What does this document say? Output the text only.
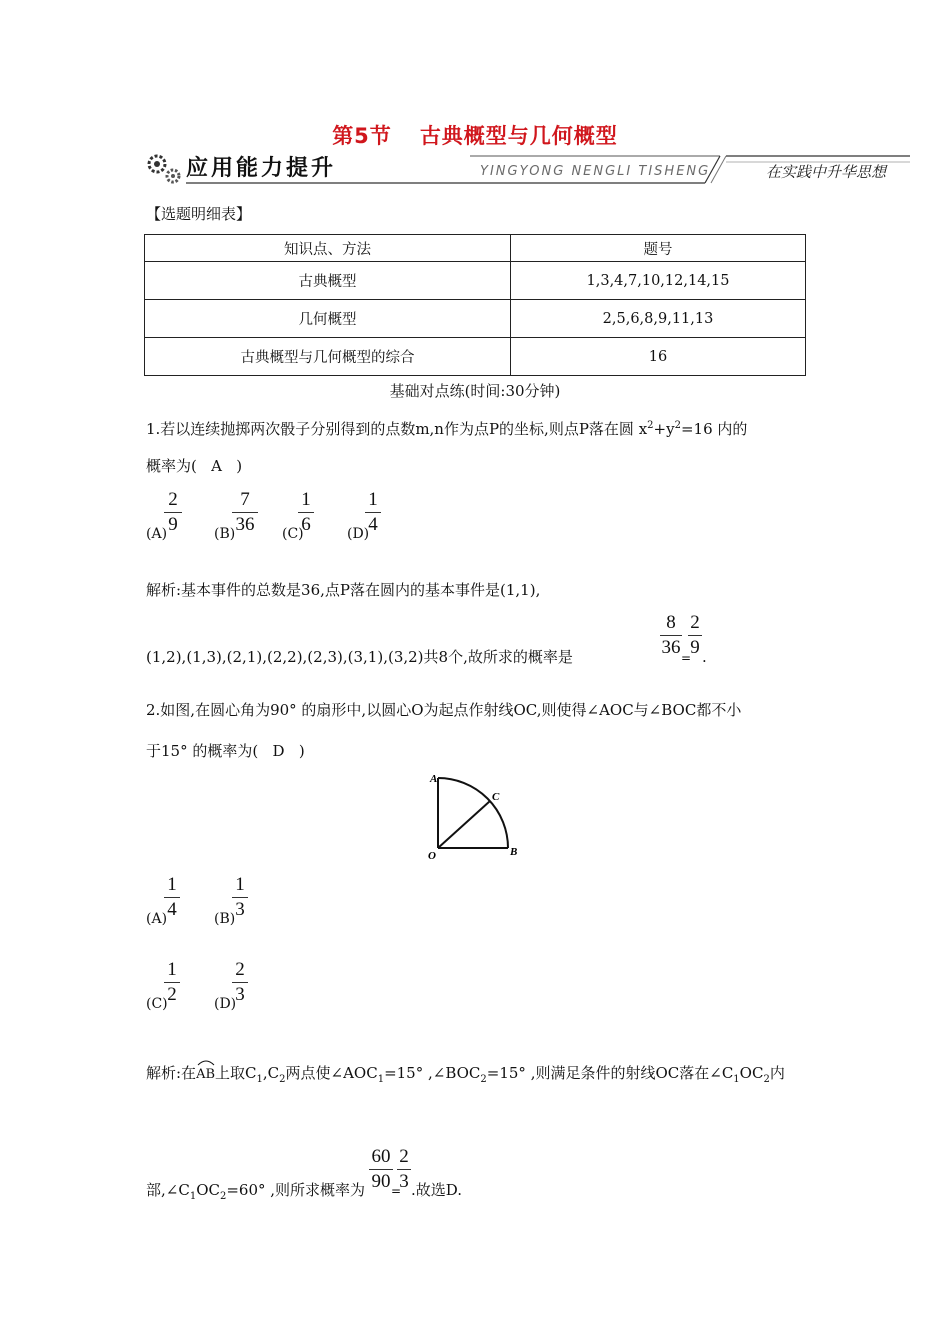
第5节 古典概型与几何概型
应用能力提升	YINGYONG NENGLI TISHENG	在实践中升华思想
【选题明细表】
知识点、方法	题号
古典概型	1,3,4,7,10,12,14,15
几何概型	2,5,6,8,9,11,13
古典概型与几何概型的综合	16
基础对点练(时间:30分钟)
1.若以连续抛掷两次骰子分别得到的点数m,n作为点P的坐标,则点P落在圆 $x^2+y^2=16$ 内的
概率为(   A   )
(A)
2
9	(B)
7
36 (C)
1
6	(D)
1
4
解析:基本事件的总数是36,点P落在圆内的基本事件是(1,1),
(1,2),(1,3),(2,1),(2,2),(2,3),(3,1),(3,2)共8个,故所求的概率是
8
36 =
2
9 .
2.如图,在圆心角为90° 的扇形中,以圆心O为起点作射线OC,则使得∠AOC与∠BOC都不小
于15° 的概率为(   D   )
A
C
O	B
(A)
1
4	(B)
1
3
(C)
1
2	(D)
2
3
解析:在
AB上取$C_1,C_2$两点使$\angle AOC_1=15^\circ$ $,\angle BOC_2=15^\circ$ ,则满足条件的射线OC落在$\angle C_1OC_2$内
部$,\angle C_1OC_2=60^\circ$ ,则所求概率为
60
90 =
2
3 .故选D.
